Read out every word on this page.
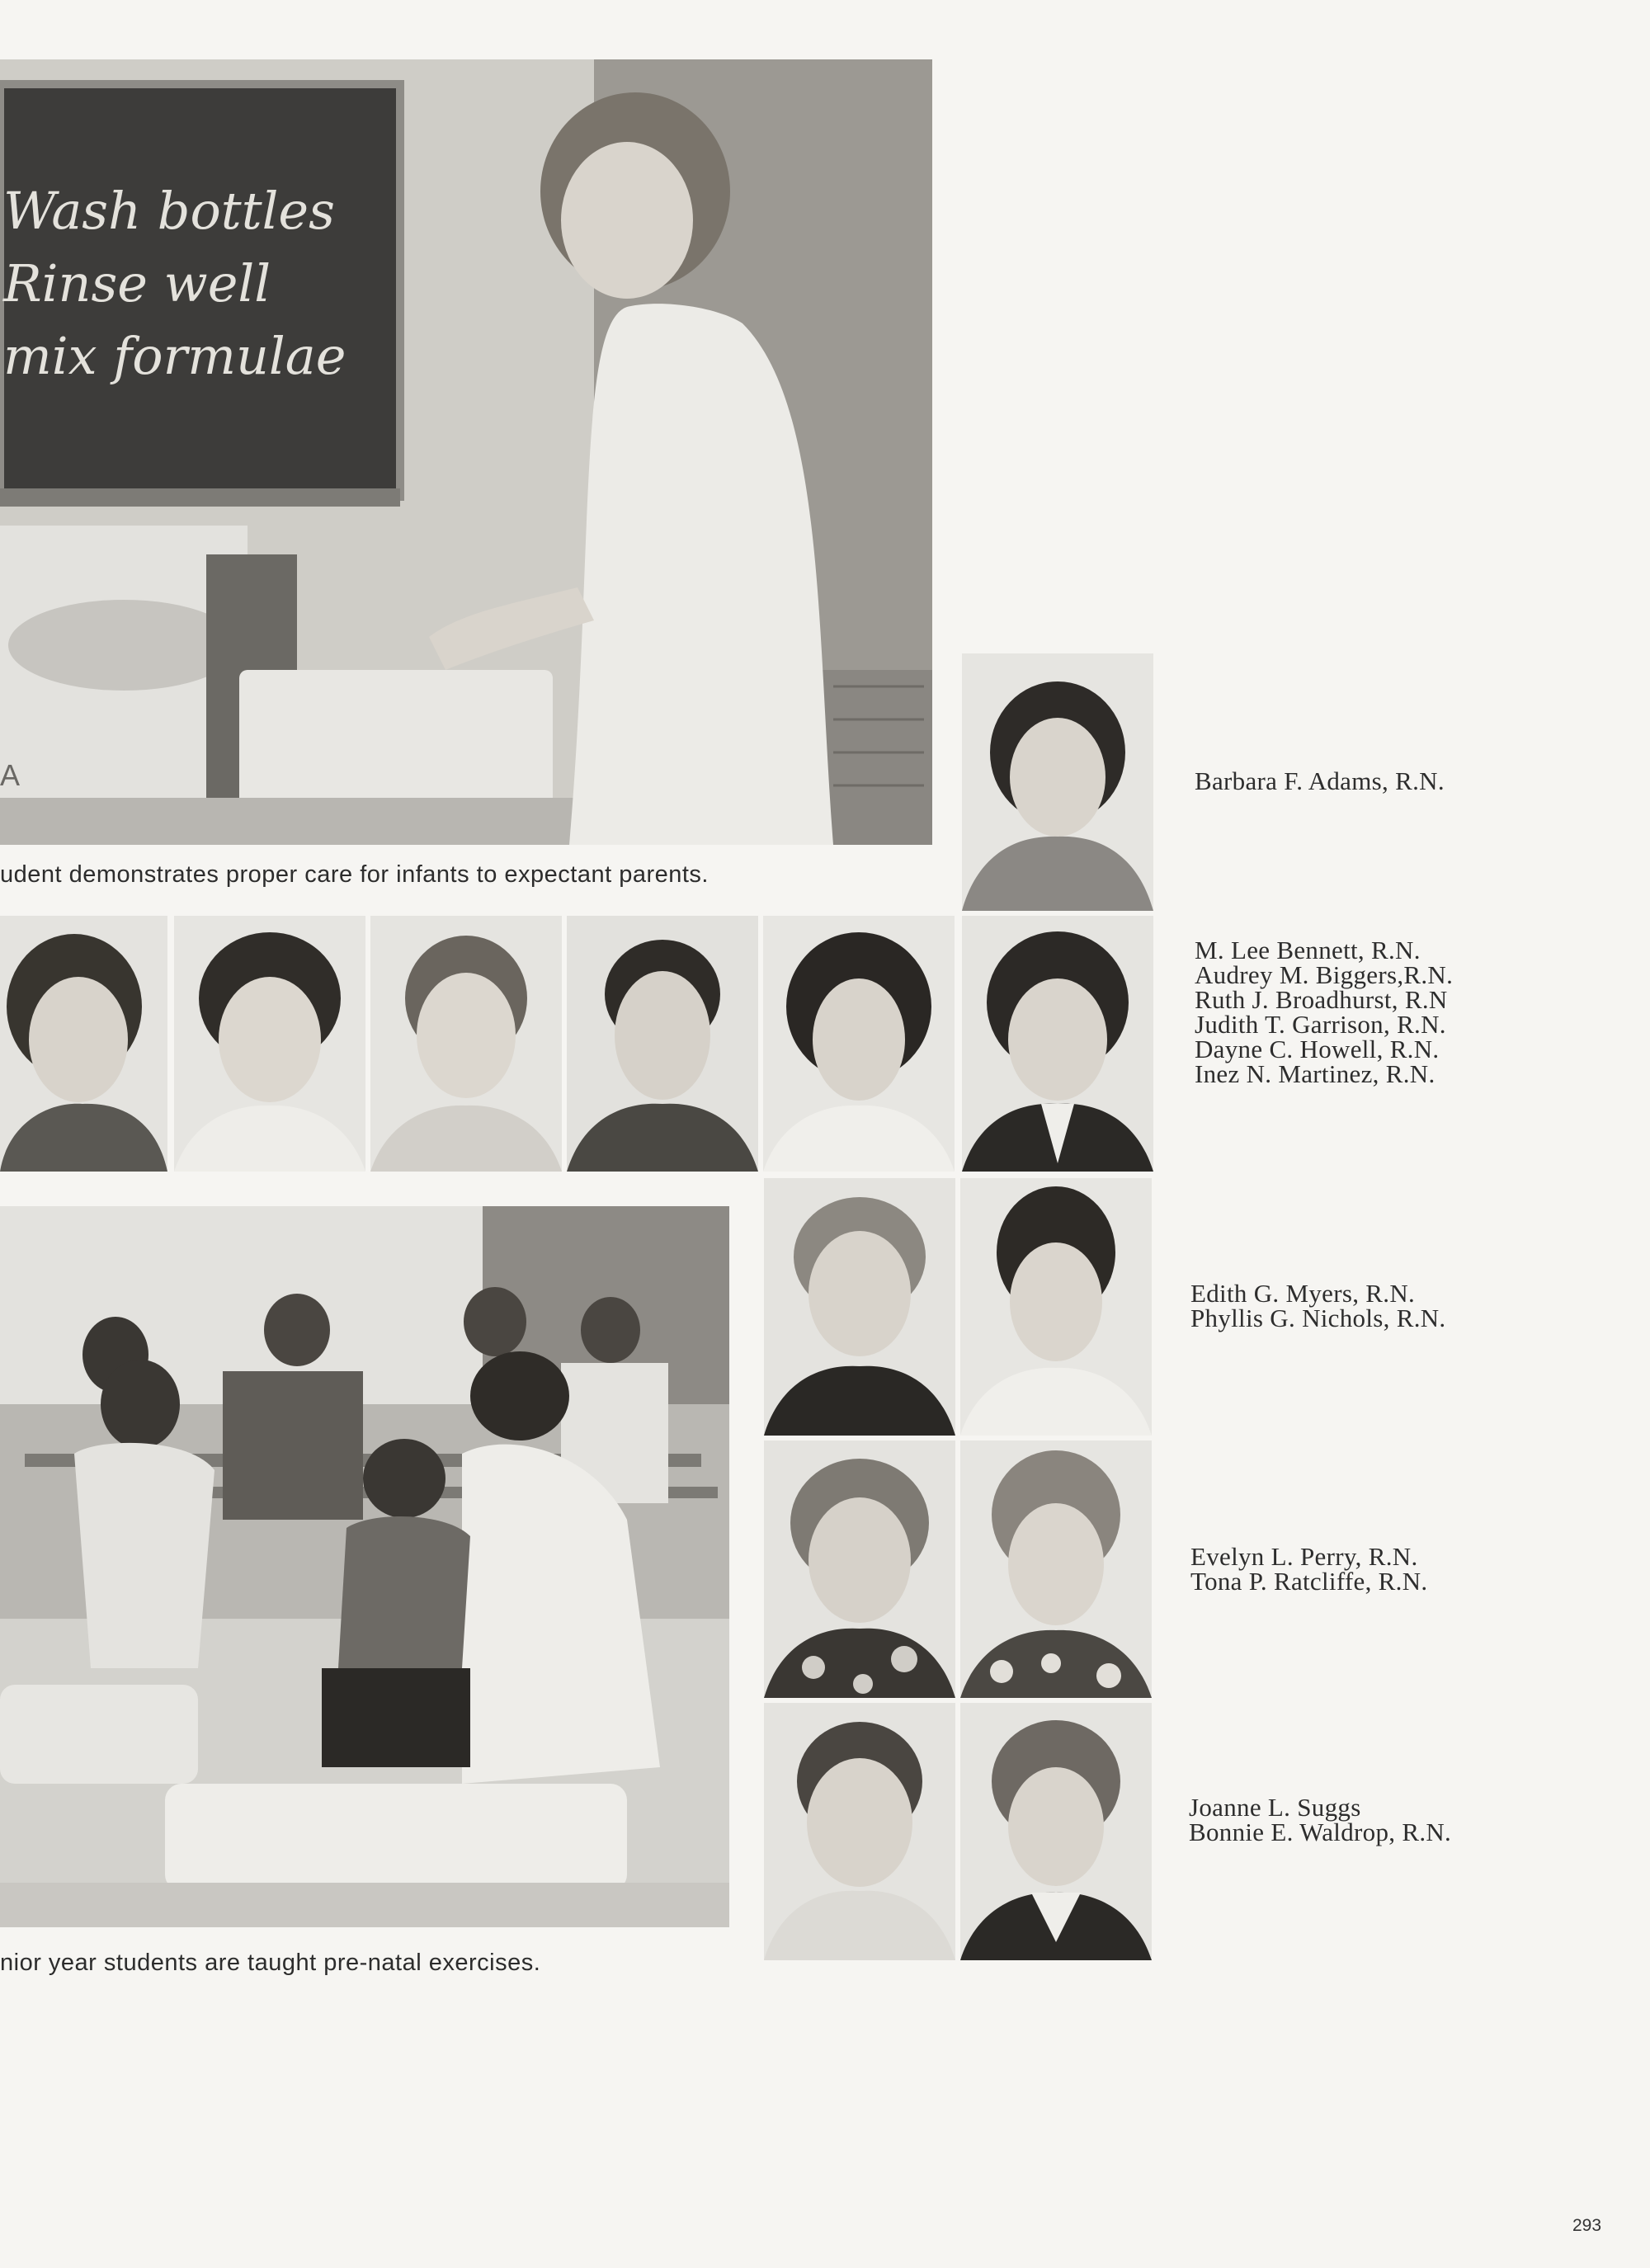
A
Wash bottles
Rinse well
mix formulae
udent demonstrates proper care for infants to expectant parents.
Barbara F. Adams, R.N.
M. Lee Bennett, R.N.
Audrey M. Biggers,R.N.
Ruth J. Broadhurst, R.N
Judith T. Garrison, R.N.
Dayne C. Howell, R.N.
Inez N. Martinez, R.N.
nior year students are taught pre-natal exercises.
Edith G. Myers, R.N.
Phyllis G. Nichols, R.N.
Evelyn L. Perry, R.N.
Tona P. Ratcliffe, R.N.
Joanne L. Suggs
Bonnie E. Waldrop, R.N.
293
